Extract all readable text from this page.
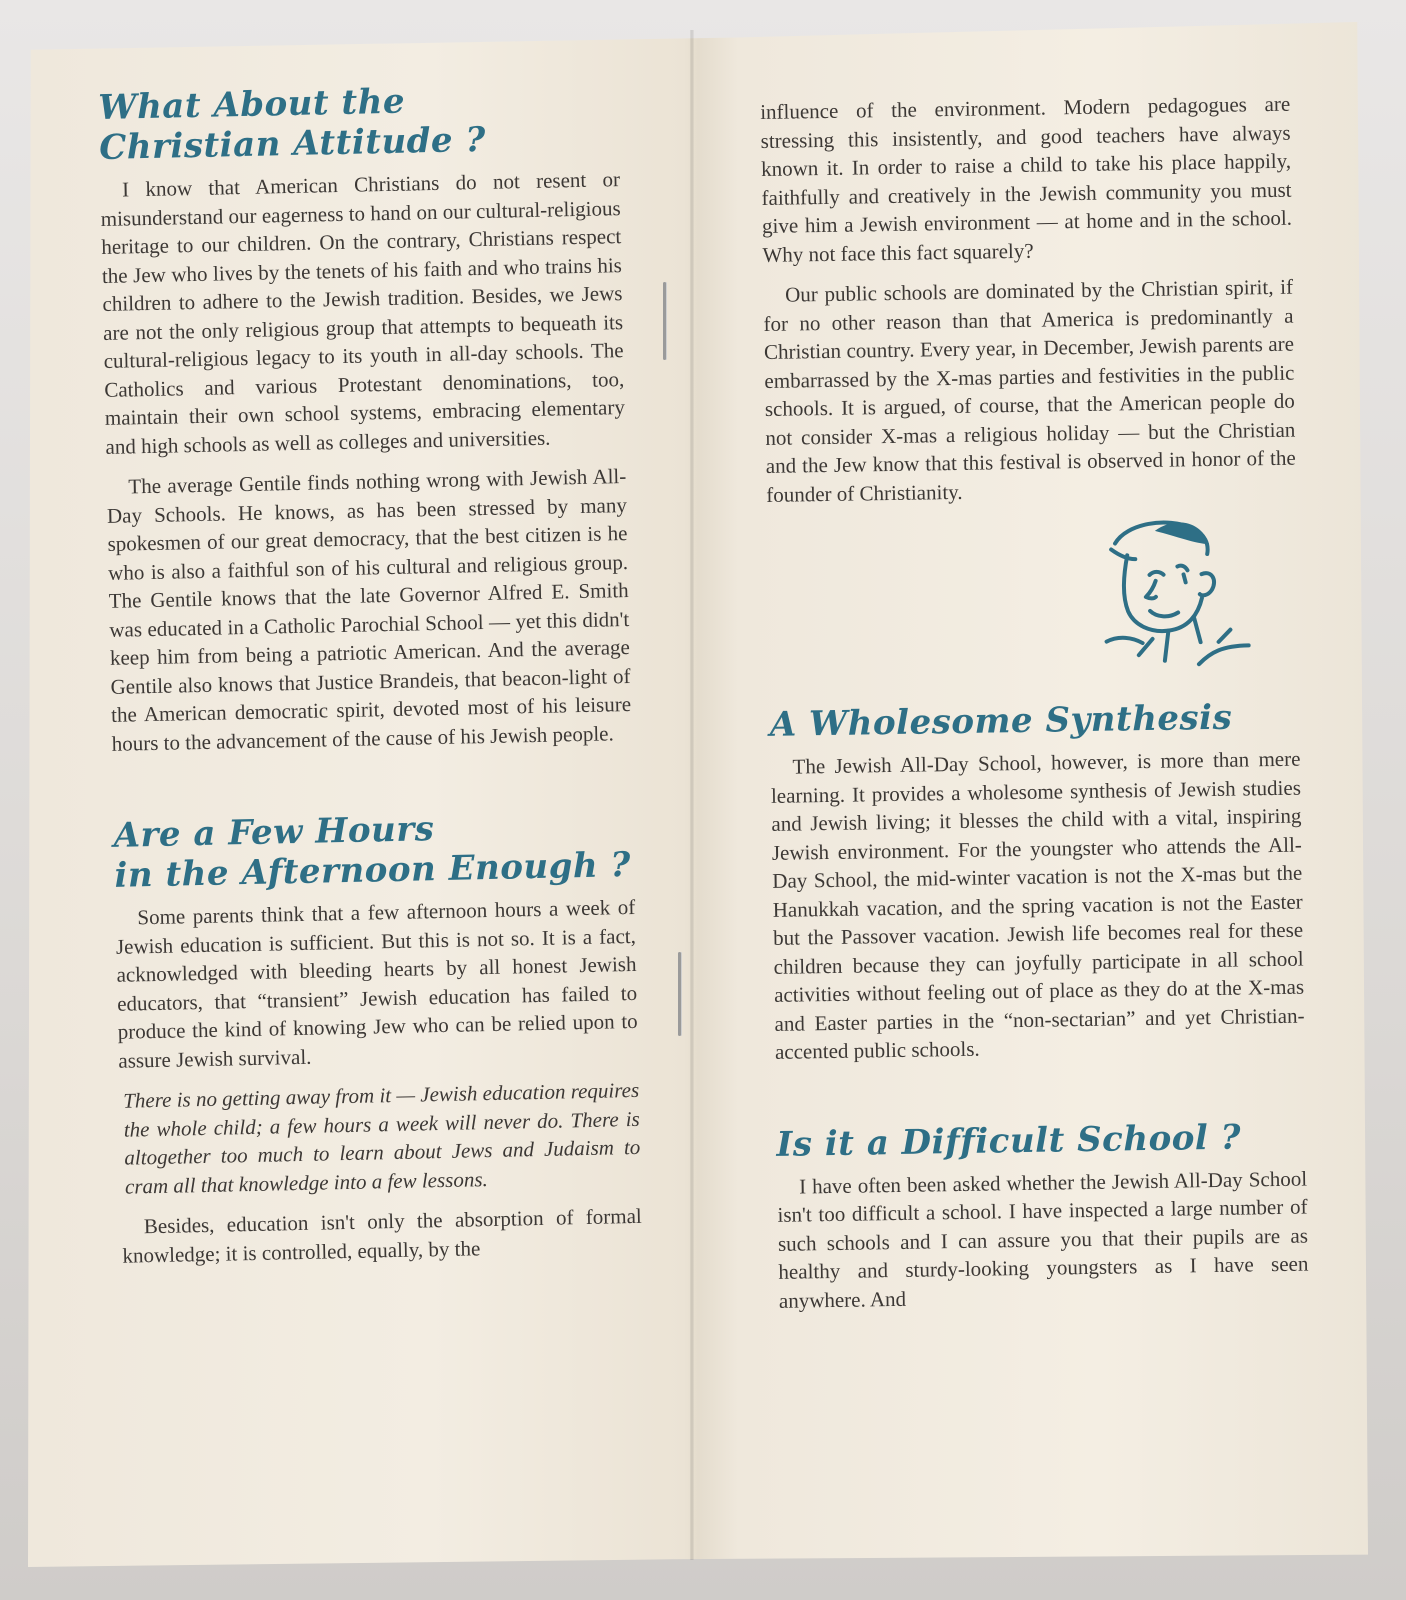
What About the
Christian Attitude ?

I know that American Christians do not resent or misunderstand our eagerness to hand on our cultural-religious heritage to our children. On the contrary, Christians respect the Jew who lives by the tenets of his faith and who trains his children to adhere to the Jewish tradition. Besides, we Jews are not the only religious group that attempts to bequeath its cultural-religious legacy to its youth in all-day schools. The Catholics and various Protestant denominations, too, maintain their own school systems, embracing elementary and high schools as well as colleges and universities.

The average Gentile finds nothing wrong with Jewish All-Day Schools. He knows, as has been stressed by many spokesmen of our great democracy, that the best citizen is he who is also a faithful son of his cultural and religious group. The Gentile knows that the late Governor Alfred E. Smith was educated in a Catholic Parochial School — yet this didn't keep him from being a patriotic American. And the average Gentile also knows that Justice Brandeis, that beacon-light of the American democratic spirit, devoted most of his leisure hours to the advancement of the cause of his Jewish people.

Are a Few Hours
in the Afternoon Enough ?

Some parents think that a few afternoon hours a week of Jewish education is sufficient. But this is not so. It is a fact, acknowledged with bleeding hearts by all honest Jewish educators, that “transient” Jewish education has failed to produce the kind of knowing Jew who can be relied upon to assure Jewish survival.

There is no getting away from it — Jewish education requires the whole child; a few hours a week will never do. There is altogether too much to learn about Jews and Judaism to cram all that knowledge into a few lessons.

Besides, education isn't only the absorption of formal knowledge; it is controlled, equally, by the

influence of the environment. Modern pedagogues are stressing this insistently, and good teachers have always known it. In order to raise a child to take his place happily, faithfully and creatively in the Jewish community you must give him a Jewish environment — at home and in the school. Why not face this fact squarely?

Our public schools are dominated by the Christian spirit, if for no other reason than that America is predominantly a Christian country. Every year, in December, Jewish parents are embarrassed by the X-mas parties and festivities in the public schools. It is argued, of course, that the American people do not consider X-mas a religious holiday — but the Christian and the Jew know that this festival is observed in honor of the founder of Christianity.

A Wholesome Synthesis

The Jewish All-Day School, however, is more than mere learning. It provides a wholesome synthesis of Jewish studies and Jewish living; it blesses the child with a vital, inspiring Jewish environment. For the youngster who attends the All-Day School, the mid-winter vacation is not the X-mas but the Hanukkah vacation, and the spring vacation is not the Easter but the Passover vacation. Jewish life becomes real for these children because they can joyfully participate in all school activities without feeling out of place as they do at the X-mas and Easter parties in the “non-sectarian” and yet Christian-accented public schools.

Is it a Difficult School ?

I have often been asked whether the Jewish All-Day School isn't too difficult a school. I have inspected a large number of such schools and I can assure you that their pupils are as healthy and sturdy-looking youngsters as I have seen anywhere. And
